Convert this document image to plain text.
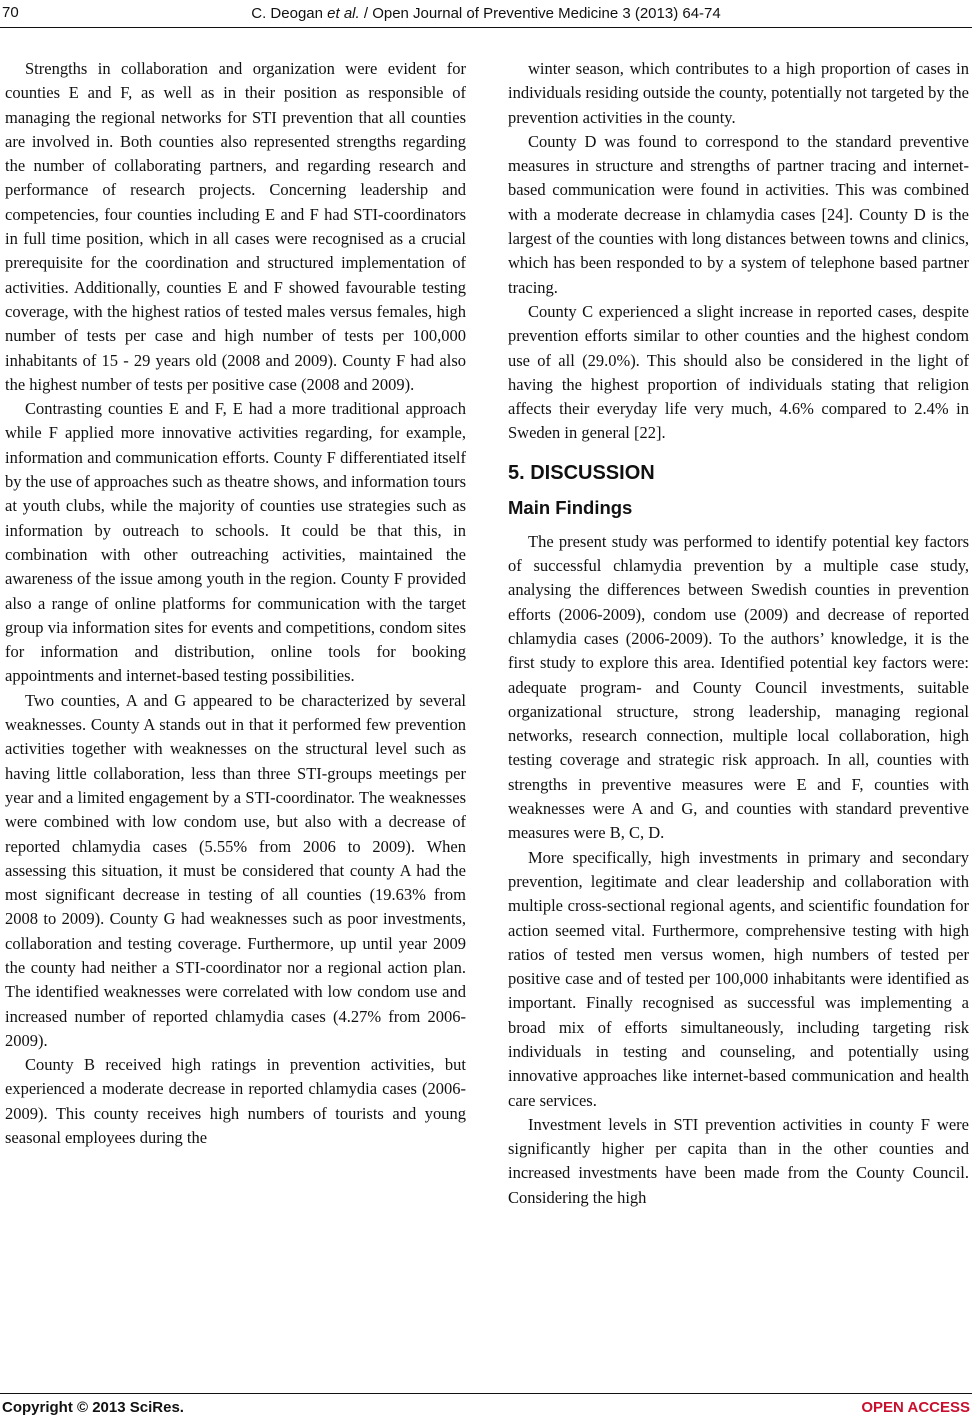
70	C. Deogan et al. / Open Journal of Preventive Medicine 3 (2013) 64-74

Strengths in collaboration and organization were evident for counties E and F, as well as in their position as responsible of managing the regional networks for STI prevention that all counties are involved in. Both counties also represented strengths regarding the number of collaborating partners, and regarding research and performance of research projects. Concerning leadership and competencies, four counties including E and F had STI-coordinators in full time position, which in all cases were recognised as a crucial prerequisite for the coordination and structured implementation of activities. Additionally, counties E and F showed favourable testing coverage, with the highest ratios of tested males versus females, high number of tests per case and high number of tests per 100,000 inhabitants of 15 - 29 years old (2008 and 2009). County F had also the highest number of tests per positive case (2008 and 2009).

Contrasting counties E and F, E had a more traditional approach while F applied more innovative activities regarding, for example, information and communication efforts. County F differentiated itself by the use of approaches such as theatre shows, and information tours at youth clubs, while the majority of counties use strategies such as information by outreach to schools. It could be that this, in combination with other outreaching activities, maintained the awareness of the issue among youth in the region. County F provided also a range of online platforms for communication with the target group via information sites for events and competitions, condom sites for information and distribution, online tools for booking appointments and internet-based testing possibilities.

Two counties, A and G appeared to be characterized by several weaknesses. County A stands out in that it performed few prevention activities together with weaknesses on the structural level such as having little collaboration, less than three STI-groups meetings per year and a limited engagement by a STI-coordinator. The weaknesses were combined with low condom use, but also with a decrease of reported chlamydia cases (5.55% from 2006 to 2009). When assessing this situation, it must be considered that county A had the most significant decrease in testing of all counties (19.63% from 2008 to 2009). County G had weaknesses such as poor investments, collaboration and testing coverage. Furthermore, up until year 2009 the county had neither a STI-coordinator nor a regional action plan. The identified weaknesses were correlated with low condom use and increased number of reported chlamydia cases (4.27% from 2006-2009).

County B received high ratings in prevention activities, but experienced a moderate decrease in reported chlamydia cases (2006-2009). This county receives high numbers of tourists and young seasonal employees during the

winter season, which contributes to a high proportion of cases in individuals residing outside the county, potentially not targeted by the prevention activities in the county.

County D was found to correspond to the standard preventive measures in structure and strengths of partner tracing and internet-based communication were found in activities. This was combined with a moderate decrease in chlamydia cases [24]. County D is the largest of the counties with long distances between towns and clinics, which has been responded to by a system of telephone based partner tracing.

County C experienced a slight increase in reported cases, despite prevention efforts similar to other counties and the highest condom use of all (29.0%). This should also be considered in the light of having the highest proportion of individuals stating that religion affects their everyday life very much, 4.6% compared to 2.4% in Sweden in general [22].

5. DISCUSSION
Main Findings

The present study was performed to identify potential key factors of successful chlamydia prevention by a multiple case study, analysing the differences between Swedish counties in prevention efforts (2006-2009), condom use (2009) and decrease of reported chlamydia cases (2006-2009). To the authors’ knowledge, it is the first study to explore this area. Identified potential key factors were: adequate program- and County Council investments, suitable organizational structure, strong leadership, managing regional networks, research connection, multiple local collaboration, high testing coverage and strategic risk approach. In all, counties with strengths in preventive measures were E and F, counties with weaknesses were A and G, and counties with standard preventive measures were B, C, D.

More specifically, high investments in primary and secondary prevention, legitimate and clear leadership and collaboration with multiple cross-sectional regional agents, and scientific foundation for action seemed vital. Furthermore, comprehensive testing with high ratios of tested men versus women, high numbers of tested per positive case and of tested per 100,000 inhabitants were identified as important. Finally recognised as successful was implementing a broad mix of efforts simultaneously, including targeting risk individuals in testing and counseling, and potentially using innovative approaches like internet-based communication and health care services.

Investment levels in STI prevention activities in county F were significantly higher per capita than in the other counties and increased investments have been made from the County Council. Considering the high

Copyright © 2013 SciRes.	OPEN ACCESS
